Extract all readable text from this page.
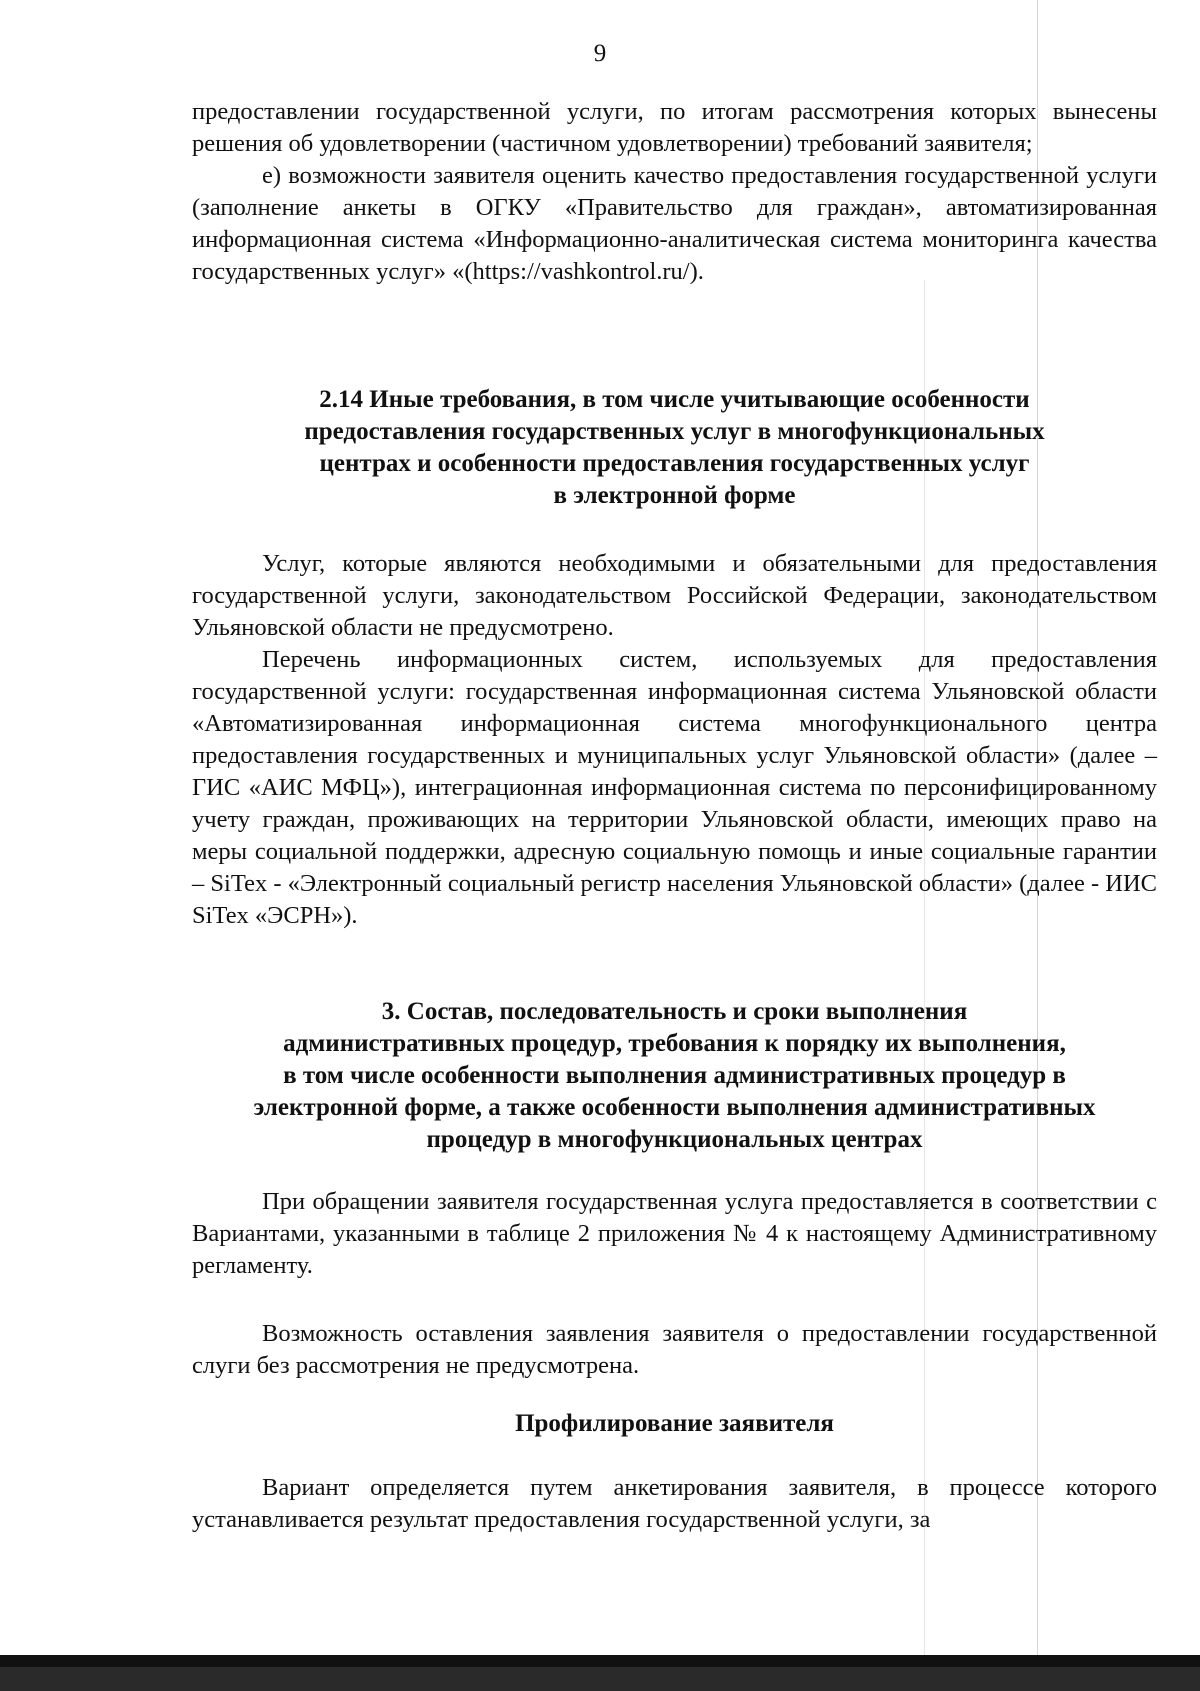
9

предоставлении государственной услуги, по итогам рассмотрения которых вынесены решения об удовлетворении (частичном удовлетворении) требований заявителя;

е) возможности заявителя оценить качество предоставления государственной услуги (заполнение анкеты в ОГКУ «Правительство для граждан», автоматизированная информационная система «Информационно-аналитическая система мониторинга качества государственных услуг» «(https://vashkontrol.ru/).

2.14 Иные требования, в том числе учитывающие особенности
предоставления государственных услуг в многофункциональных
центрах и особенности предоставления государственных услуг
в электронной форме

Услуг, которые являются необходимыми и обязательными для предоставления государственной услуги, законодательством Российской Федерации, законодательством Ульяновской области не предусмотрено.

Перечень информационных систем, используемых для предоставления государственной услуги: государственная информационная система Ульяновской области «Автоматизированная информационная система многофункционального центра предоставления государственных и муниципальных услуг Ульяновской области» (далее – ГИС «АИС МФЦ»), интеграционная информационная система по персонифицированному учету граждан, проживающих на территории Ульяновской области, имеющих право на меры социальной поддержки, адресную социальную помощь и иные социальные гарантии – SiTex - «Электронный социальный регистр населения Ульяновской области» (далее - ИИС SiTex «ЭСРН»).

3. Состав, последовательность и сроки выполнения
административных процедур, требования к порядку их выполнения,
в том числе особенности выполнения административных процедур в
электронной форме, а также особенности выполнения административных
процедур в многофункциональных центрах

При обращении заявителя государственная услуга предоставляется в соответствии с Вариантами, указанными в таблице 2 приложения № 4 к настоящему Административному регламенту.

Возможность оставления заявления заявителя о предоставлении государственной слуги без рассмотрения не предусмотрена.

Профилирование заявителя

Вариант определяется путем анкетирования заявителя, в процессе которого устанавливается результат предоставления государственной услуги, за
